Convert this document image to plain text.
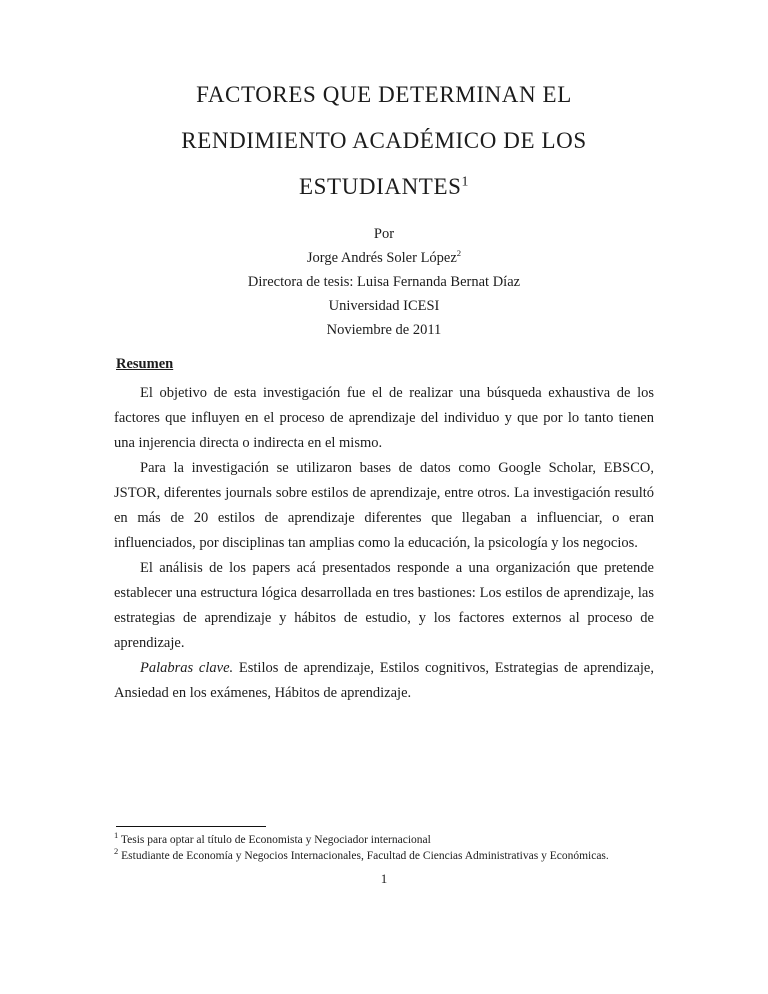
FACTORES QUE DETERMINAN EL
RENDIMIENTO ACADÉMICO DE LOS
ESTUDIANTES$^1$
Por
Jorge Andrés Soler López$^2$
Directora de tesis: Luisa Fernanda Bernat Díaz
Universidad ICESI
Noviembre de 2011
Resumen

El objetivo de esta investigación fue el de realizar una búsqueda exhaustiva de los factores que influyen en el proceso de aprendizaje del individuo y que por lo tanto tienen una injerencia directa o indirecta en el mismo.

Para la investigación se utilizaron bases de datos como Google Scholar, EBSCO, JSTOR, diferentes journals sobre estilos de aprendizaje, entre otros. La investigación resultó en más de 20 estilos de aprendizaje diferentes que llegaban a influenciar, o eran influenciados, por disciplinas tan amplias como la educación, la psicología y los negocios.

El análisis de los papers acá presentados responde a una organización que pretende establecer una estructura lógica desarrollada en tres bastiones: Los estilos de aprendizaje, las estrategias de aprendizaje y hábitos de estudio, y los factores externos al proceso de aprendizaje.

Palabras clave. Estilos de aprendizaje, Estilos cognitivos, Estrategias de aprendizaje, Ansiedad en los exámenes, Hábitos de aprendizaje.

$^1$ Tesis para optar al título de Economista y Negociador internacional
$^2$ Estudiante de Economía y Negocios Internacionales, Facultad de Ciencias Administrativas y Económicas.
1
